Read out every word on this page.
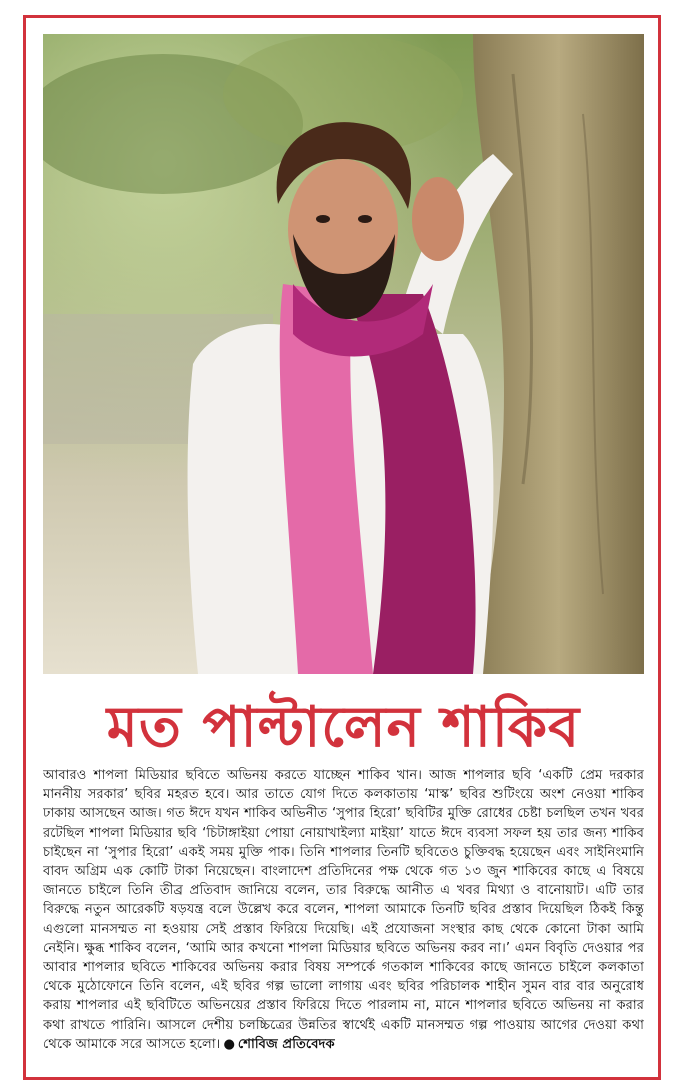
মত পাল্টালেন শাকিব
আবারও শাপলা মিডিয়ার ছবিতে অভিনয় করতে যাচ্ছেন শাকিব খান। আজ শাপলার ছবি ‘একটি প্রেম দরকার মাননীয় সরকার’ ছবির মহরত হবে। আর তাতে যোগ দিতে কলকাতায় ‘মাস্ক’ ছবির শুটিংয়ে অংশ নেওয়া শাকিব ঢাকায় আসছেন আজ। গত ঈদে যখন শাকিব অভিনীত ‘সুপার হিরো’ ছবিটির মুক্তি রোধের চেষ্টা চলছিল তখন খবর রটেছিল শাপলা মিডিয়ার ছবি ‘চিটাঙ্গাইয়া পোয়া নোয়াখাইল্যা মাইয়া’ যাতে ঈদে ব্যবসা সফল হয় তার জন্য শাকিব চাইছেন না ‘সুপার হিরো’ একই সময় মুক্তি পাক। তিনি শাপলার তিনটি ছবিতেও চুক্তিবদ্ধ হয়েছেন এবং সাইনিংমানি বাবদ অগ্রিম এক কোটি টাকা নিয়েছেন। বাংলাদেশ প্রতিদিনের পক্ষ থেকে গত ১৩ জুন শাকিবের কাছে এ বিষয়ে জানতে চাইলে তিনি তীব্র প্রতিবাদ জানিয়ে বলেন, তার বিরুদ্ধে আনীত এ খবর মিথ্যা ও বানোয়াট। এটি তার বিরুদ্ধে নতুন আরেকটি ষড়যন্ত্র বলে উল্লেখ করে বলেন, শাপলা আমাকে তিনটি ছবির প্রস্তাব দিয়েছিল ঠিকই কিন্তু এগুলো মানসম্মত না হওয়ায় সেই প্রস্তাব ফিরিয়ে দিয়েছি। এই প্রযোজনা সংস্থার কাছ থেকে কোনো টাকা আমি নেইনি। ক্ষুব্ধ শাকিব বলেন, ‘আমি আর কখনো শাপলা মিডিয়ার ছবিতে অভিনয় করব না।’ এমন বিবৃতি দেওয়ার পর আবার শাপলার ছবিতে শাকিবের অভিনয় করার বিষয় সম্পর্কে গতকাল শাকিবের কাছে জানতে চাইলে কলকাতা থেকে মুঠোফোনে তিনি বলেন, এই ছবির গল্প ভালো লাগায় এবং ছবির পরিচালক শাহীন সুমন বার বার অনুরোধ করায় শাপলার এই ছবিটিতে অভিনয়ের প্রস্তাব ফিরিয়ে দিতে পারলাম না, মানে শাপলার ছবিতে অভিনয় না করার কথা রাখতে পারিনি। আসলে দেশীয় চলচ্চিত্রের উন্নতির স্বার্থেই একটি মানসম্মত গল্প পাওয়ায় আগের দেওয়া কথা থেকে আমাকে সরে আসতে হলো। ● শোবিজ প্রতিবেদক
